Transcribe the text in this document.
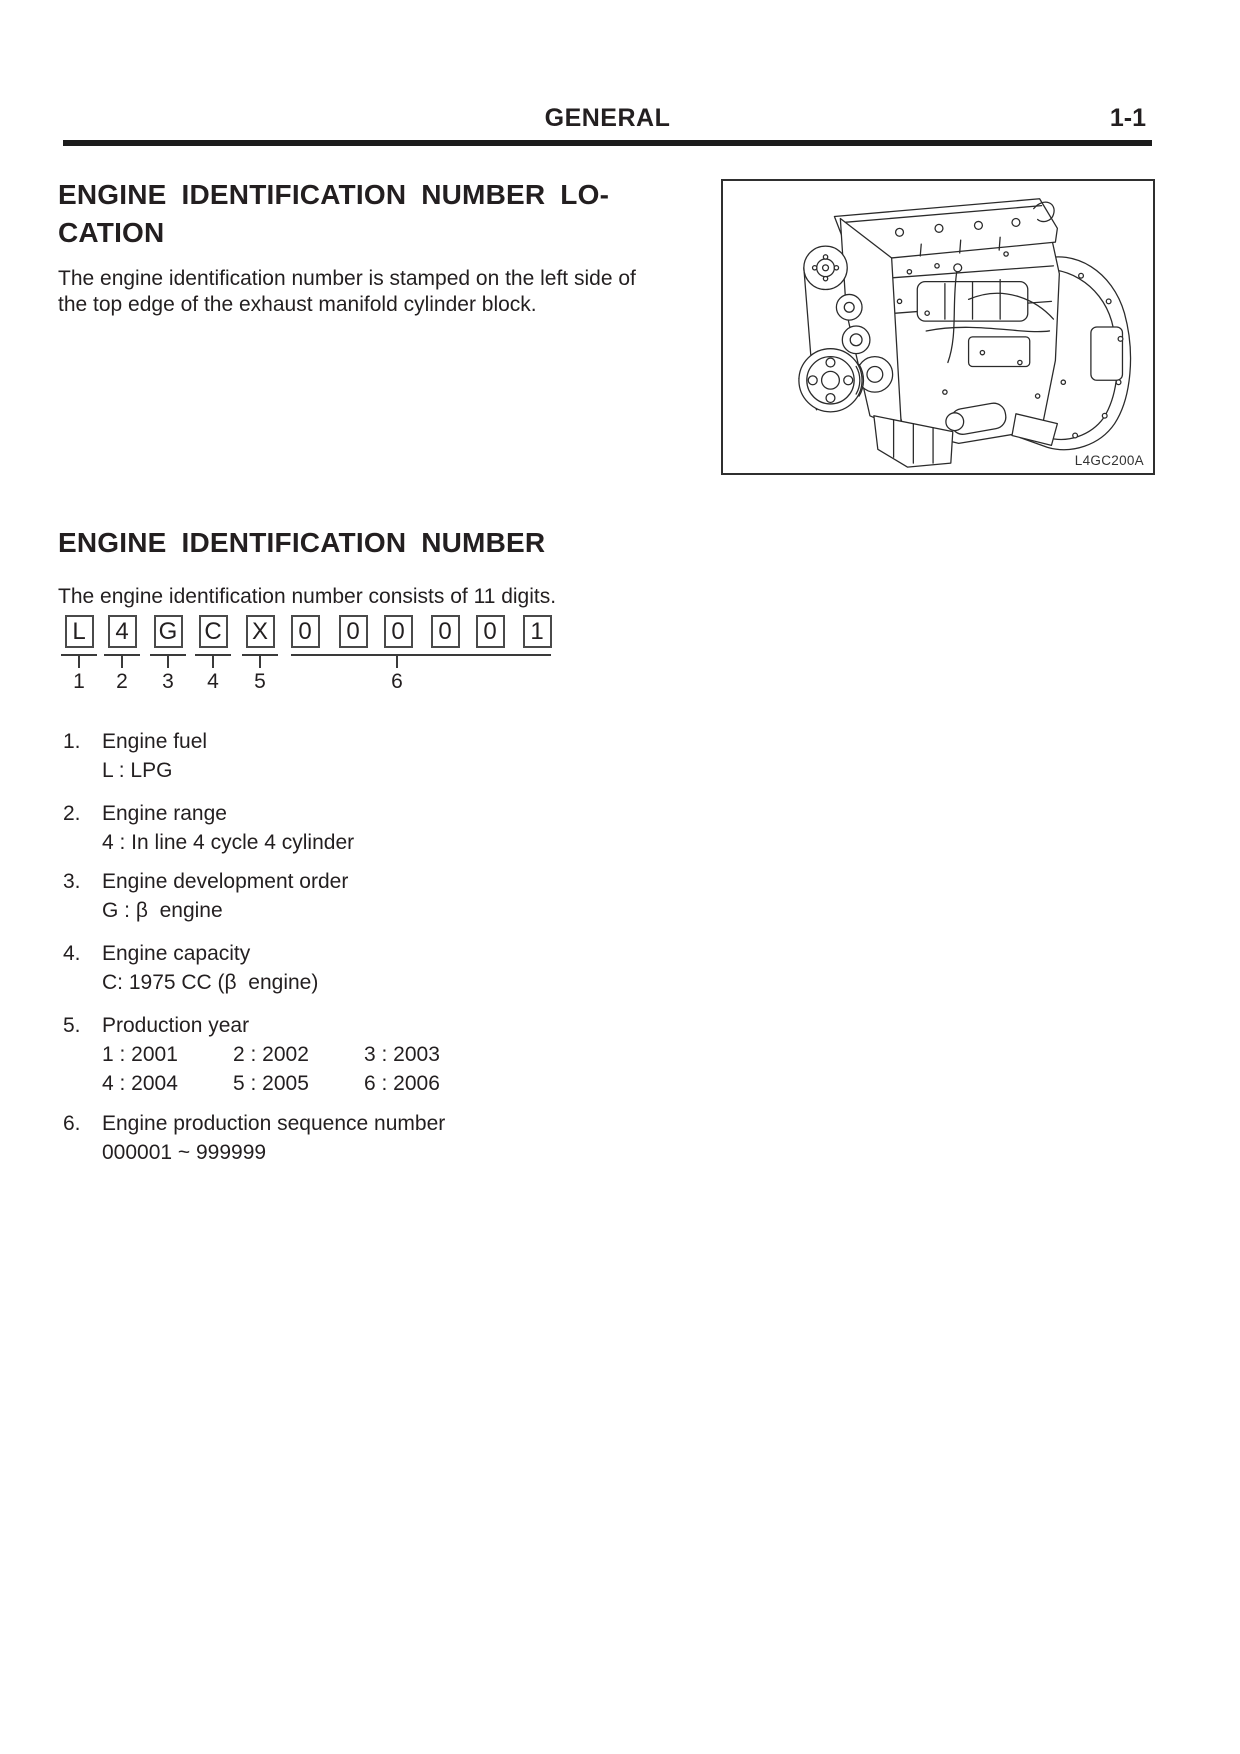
GENERAL	1-1
ENGINE IDENTIFICATION NUMBER LO-
CATION
The engine identification number is stamped on the left side of
the top edge of the exhaust manifold cylinder block.
L4GC200A
ENGINE IDENTIFICATION NUMBER
The engine identification number consists of 11 digits.
L	4	G C X	0	0	0	0	0	1
1 2 3 4 5	6
1. Engine fuel
L : LPG
2. Engine range
4 : In line 4 cycle 4 cylinder
3. Engine development order
G : β  engine
4. Engine capacity
C: 1975 CC (β  engine)
5. Production year
1 : 2001	2 : 2002	3 : 2003
4 : 2004	5 : 2005	6 : 2006
6. Engine production sequence number
000001 ~ 999999
